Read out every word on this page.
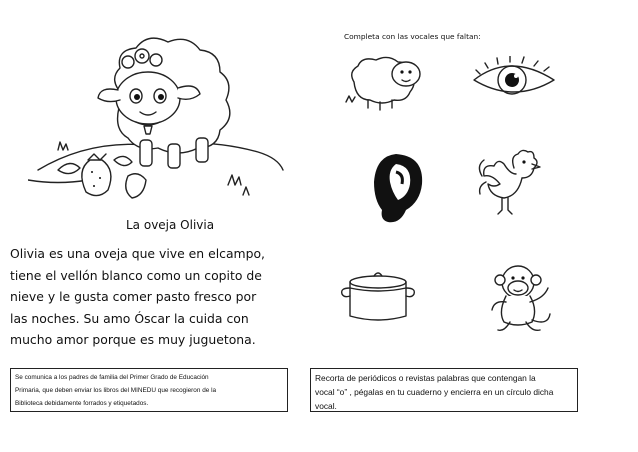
La oveja Olivia
Olivia es una oveja que vive en elcampo,
tiene el vellón blanco como un copito de
nieve y le gusta comer pasto fresco por
las noches. Su amo Óscar la cuida con
mucho amor porque es muy juguetona.
Completa con las vocales que faltan:
Se comunica a los padres de familia del Primer Grado de Educación
Primaria, que deben enviar los libros del MINEDU que recogieron de la
Biblioteca debidamente forrados y etiquetados.
Recorta de periódicos o revistas palabras que contengan la
vocal “o” , pégalas en tu cuaderno y encierra en un círculo dicha
vocal.
